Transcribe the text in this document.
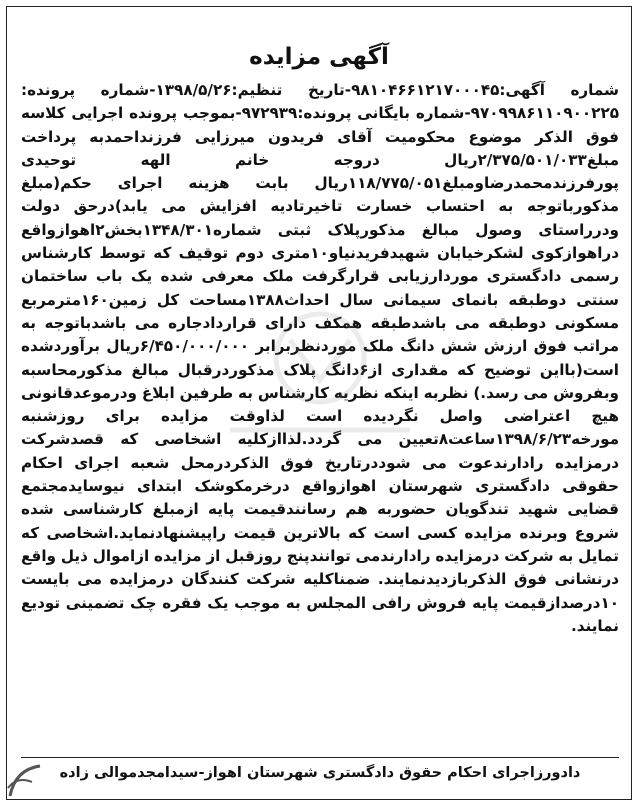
آگهی مزایده
شماره آگهی:۹۸۱۰۴۶۶۱۲۱۷۰۰۰۴۵-تاریخ تنظیم:۱۳۹۸/۵/۲۶-شماره پرونده: ۹۷۰۹۹۸۶۱۱۰۹۰۰۲۲۵-شماره بایگانی پرونده:۹۷۲۹۳۹-بموجب پرونده اجرایی کلاسه فوق الذکر موضوع محکومیت آقای فریدون میرزایی فرزنداحمدبه پرداخت مبلغ۲/۳۷۵/۵۰۱/۰۳۳ریال دروجه خانم الهه توحیدی پورفرزندمحمدرضاومبلغ۱۱۸/۷۷۵/۰۵۱ریال بابت هزینه اجرای حکم(مبلغ مذکورباتوجه به احتساب خسارت تاخیرتادیه افزایش می یابد)درحق دولت ودرراستای وصول مبالغ مذکورپلاک ثبتی شماره۱۳۴۸/۳۰۱بخش۲اهوازواقع دراهوازکوی لشکرخیابان شهیدفریدنیاو۱۰متری دوم توقیف که توسط کارشناس رسمی دادگستری موردارزیابی قرارگرفت ملک معرفی شده یک باب ساختمان سنتی دوطبقه بانمای سیمانی سال احداث۱۳۸۸مساحت کل زمین۱۶۰مترمربع مسکونی دوطبقه می باشدطبقه همکف دارای قراردادجاره می باشدباتوجه به مراتب فوق ارزش شش دانگ ملک موردنظربرابر ۶/۴۵۰/۰۰۰/۰۰۰ریال برآوردشده است(بااین توضیح که مقداری از۶دانگ پلاک مذکوردرقبال مبالغ مذکورمحاسبه وبفروش می رسد.) نظربه اینکه نظریه کارشناس به طرفین ابلاغ ودرموعدقانونی هیچ اعتراضی واصل نگردیده است لذاوقت مزایده برای روزشنبه مورخه۱۳۹۸/۶/۲۳ساعت۸تعیین می گردد.لذاازکلیه اشخاصی که قصدشرکت درمزایده رادارندعوت می شوددرتاریخ فوق الذکردرمحل شعبه اجرای احکام حقوقی دادگستری شهرستان اهوازواقع درخرمکوشک ابتدای نیوسایدمجتمع قضایی شهید تندگویان حضوربه هم رسانندقیمت پایه ازمبلغ کارشناسی شده شروع وبرنده مزایده کسی است که بالاترین قیمت راپیشنهادنماید.اشخاصی که تمایل به شرکت درمزایده رادارندمی توانندپنج روزقبل از مزایده ازاموال ذیل واقع درنشانی فوق الذکربازدیدنمایند. ضمناکلیه شرکت کنندگان درمزایده می بایست ۱۰درصدازقیمت پایه فروش رافی المجلس به موجب یک فقره چک تضمینی تودیع نمایند.
دادورزاجرای احکام حقوق دادگستری شهرستان اهواز-سیدامجدموالی زاده
